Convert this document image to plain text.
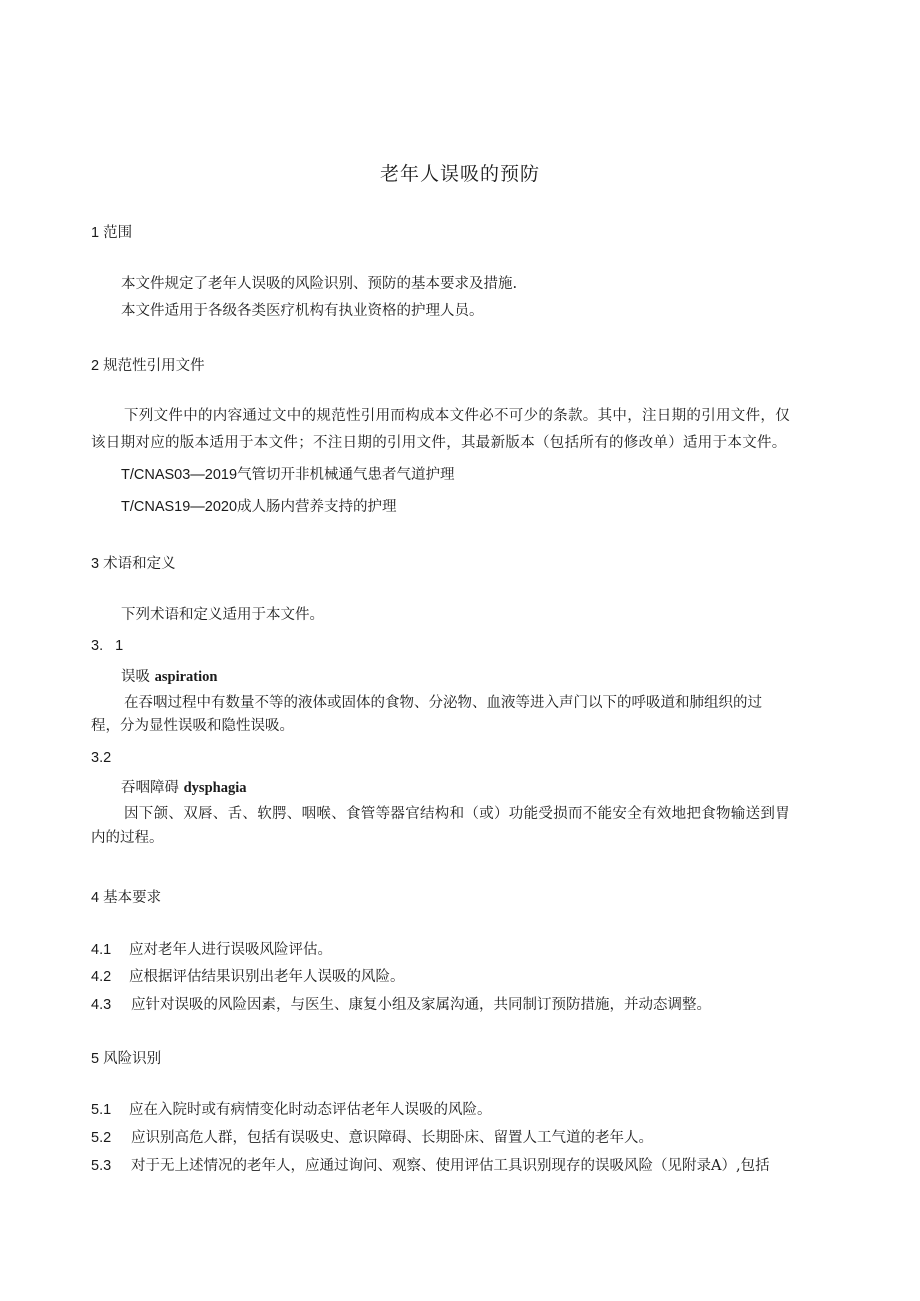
老年人误吸的预防
1 范围
本文件规定了老年人误吸的风险识别、预防的基本要求及措施.
本文件适用于各级各类医疗机构有执业资格的护理人员。
2 规范性引用文件
下列文件中的内容通过文中的规范性引用而构成本文件必不可少的条款。其中，注日期的引用文件，仅
该日期对应的版本适用于本文件；不注日期的引用文件，其最新版本（包括所有的修改单）适用于本文件。
T/CNAS03—2019气管切开非机械通气患者气道护理
T/CNAS19—2020成人肠内营养支持的护理
3 术语和定义
下列术语和定义适用于本文件。
3. 1
误吸 aspiration
在吞咽过程中有数量不等的液体或固体的食物、分泌物、血液等进入声门以下的呼吸道和肺组织的过
程，分为显性误吸和隐性误吸。
3.2
吞咽障碍 dysphagia
因下颌、双唇、舌、软腭、咽喉、食管等器官结构和（或）功能受损而不能安全有效地把食物输送到胃
内的过程。
4 基本要求
4.1 应对老年人进行误吸风险评估。
4.2 应根据评估结果识别出老年人误吸的风险。
4.3 应针对误吸的风险因素，与医生、康复小组及家属沟通，共同制订预防措施，并动态调整。
5 风险识别
5.1 应在入院时或有病情变化时动态评估老年人误吸的风险。
5.2 应识别高危人群，包括有误吸史、意识障碍、长期卧床、留置人工气道的老年人。
5.3 对于无上述情况的老年人，应通过询问、观察、使用评估工具识别现存的误吸风险（见附录A）,包括
